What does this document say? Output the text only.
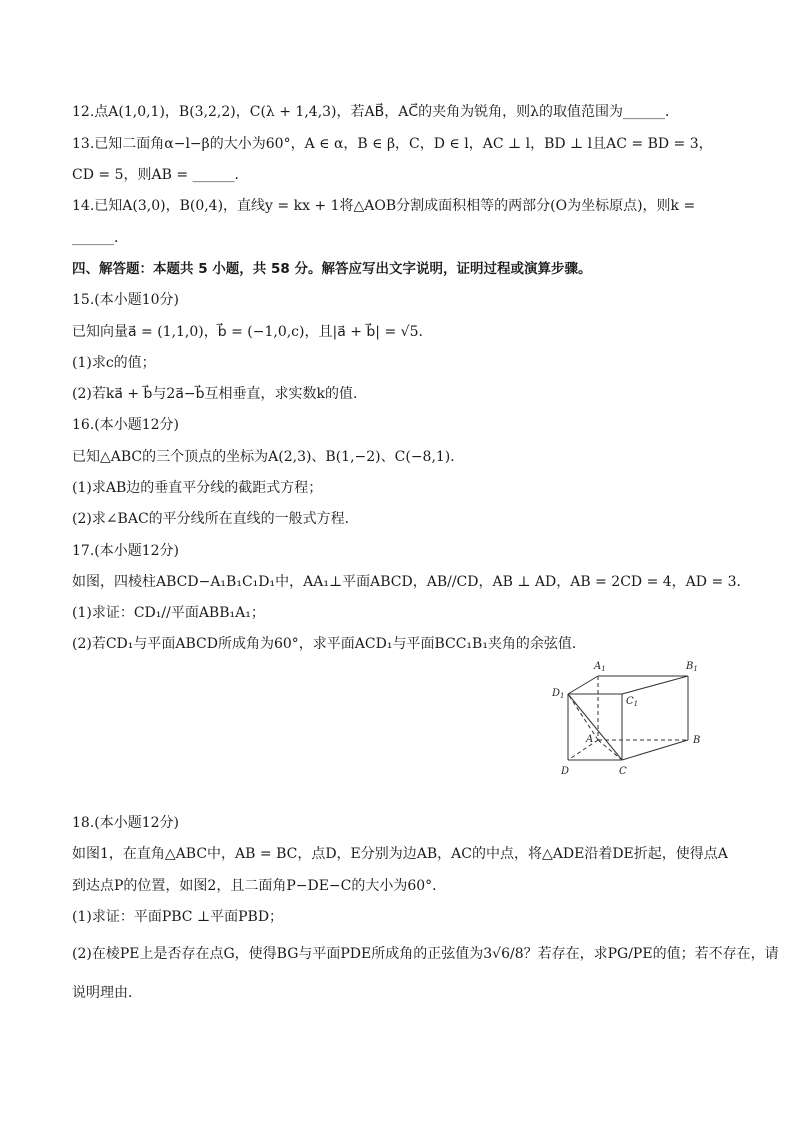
12.点A(1,0,1)，B(3,2,2)，C(λ + 1,4,3)，若AB⃗，AC⃗的夹角为锐角，则λ的取值范围为______．
13.已知二面角α−l−β的大小为60°，A ∈ α，B ∈ β，C，D ∈ l，AC ⊥ l，BD ⊥ l且AC = BD = 3，
CD = 5，则AB = ______．
14.已知A(3,0)，B(0,4)，直线y = kx + 1将△AOB分割成面积相等的两部分(O为坐标原点)，则k =
______．
四、解答题：本题共 5 小题，共 58 分。解答应写出文字说明，证明过程或演算步骤。
15.(本小题10分)
已知向量a⃗ = (1,1,0)，b⃗ = (−1,0,c)，且|a⃗ + b⃗| = √5.
(1)求c的值；
(2)若ka⃗ + b⃗与2a⃗−b⃗互相垂直，求实数k的值．
16.(本小题12分)
已知△ABC的三个顶点的坐标为A(2,3)、B(1,−2)、C(−8,1)．
(1)求AB边的垂直平分线的截距式方程；
(2)求∠BAC的平分线所在直线的一般式方程．
17.(本小题12分)
如图，四棱柱ABCD−A₁B₁C₁D₁中，AA₁⊥平面ABCD，AB//CD，AB ⊥ AD，AB = 2CD = 4，AD = 3．
(1)求证：CD₁//平面ABB₁A₁；
(2)若CD₁与平面ABCD所成角为60°，求平面ACD₁与平面BCC₁B₁夹角的余弦值．
$A_1$	$B_1$
$C_1$
$D_1$
A	B
C
D
18.(本小题12分)
如图1，在直角△ABC中，AB = BC，点D，E分别为边AB，AC的中点，将△ADE沿着DE折起，使得点A
到达点P的位置，如图2，且二面角P−DE−C的大小为60°．
(1)求证：平面PBC ⊥平面PBD；
(2)在棱PE上是否存在点G，使得BG与平面PDE所成角的正弦值为3√6/8？若存在，求PG/PE的值；若不存在，请
说明理由．
